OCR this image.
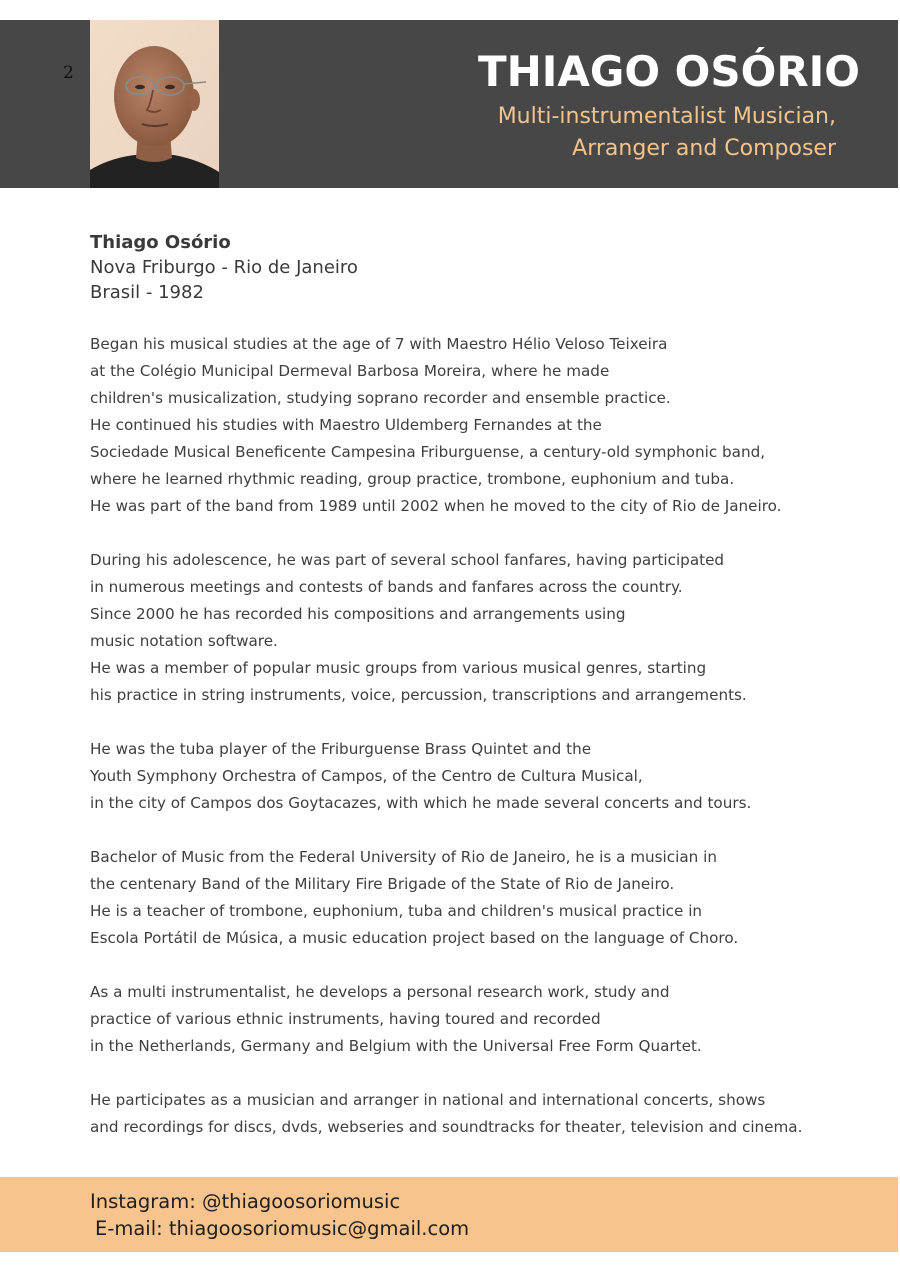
2	THIAGO OSÓRIO
Multi-instrumentalist Musician,
Arranger and Composer
Thiago Osório
Nova Friburgo - Rio de Janeiro
Brasil - 1982
Began his musical studies at the age of 7 with Maestro Hélio Veloso Teixeira
at the Colégio Municipal Dermeval Barbosa Moreira, where he made
children's musicalization, studying soprano recorder and ensemble practice.
He continued his studies with Maestro Uldemberg Fernandes at the
Sociedade Musical Beneficente Campesina Friburguense, a century-old symphonic band,
where he learned rhythmic reading, group practice, trombone, euphonium and tuba.
He was part of the band from 1989 until 2002 when he moved to the city of Rio de Janeiro.
During his adolescence, he was part of several school fanfares, having participated
in numerous meetings and contests of bands and fanfares across the country.
Since 2000 he has recorded his compositions and arrangements using
music notation software.
He was a member of popular music groups from various musical genres, starting
his practice in string instruments, voice, percussion, transcriptions and arrangements.
He was the tuba player of the Friburguense Brass Quintet and the
Youth Symphony Orchestra of Campos, of the Centro de Cultura Musical,
in the city of Campos dos Goytacazes, with which he made several concerts and tours.
Bachelor of Music from the Federal University of Rio de Janeiro, he is a musician in
the centenary Band of the Military Fire Brigade of the State of Rio de Janeiro.
He is a teacher of trombone, euphonium, tuba and children's musical practice in
Escola Portátil de Música, a music education project based on the language of Choro.
As a multi instrumentalist, he develops a personal research work, study and
practice of various ethnic instruments, having toured and recorded
in the Netherlands, Germany and Belgium with the Universal Free Form Quartet.
He participates as a musician and arranger in national and international concerts, shows
and recordings for discs, dvds, webseries and soundtracks for theater, television and cinema.
Instagram: @thiagoosoriomusic
E-mail: thiagoosoriomusic@gmail.com
